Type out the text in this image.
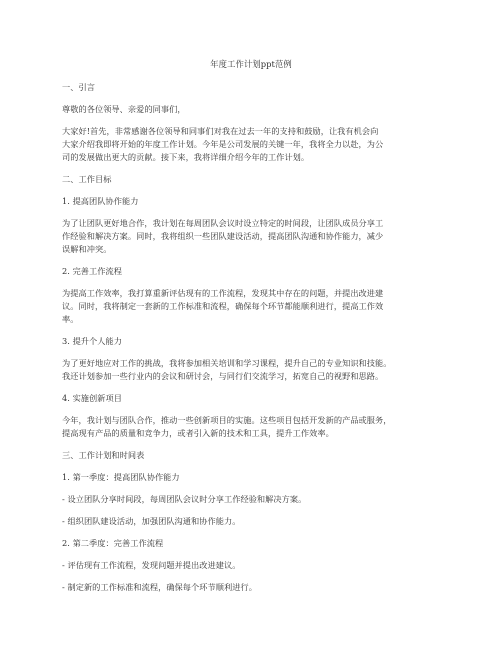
年度工作计划ppt范例
一、引言
尊敬的各位领导、亲爱的同事们，
大家好!首先，非常感谢各位领导和同事们对我在过去一年的支持和鼓励，让我有机会向
大家介绍我即将开始的年度工作计划。今年是公司发展的关键一年，我将全力以赴，为公
司的发展做出更大的贡献。接下来，我将详细介绍今年的工作计划。
二、工作目标
1. 提高团队协作能力
为了让团队更好地合作，我计划在每周团队会议时设立特定的时间段，让团队成员分享工
作经验和解决方案。同时，我将组织一些团队建设活动，提高团队沟通和协作能力，减少
误解和冲突。
2. 完善工作流程
为提高工作效率，我打算重新评估现有的工作流程，发现其中存在的问题，并提出改进建
议。同时，我将制定一套新的工作标准和流程，确保每个环节都能顺利进行，提高工作效
率。
3. 提升个人能力
为了更好地应对工作的挑战，我将参加相关培训和学习课程，提升自己的专业知识和技能。
我还计划参加一些行业内的会议和研讨会，与同行们交流学习，拓宽自己的视野和思路。
4. 实施创新项目
今年，我计划与团队合作，推动一些创新项目的实施。这些项目包括开发新的产品或服务，
提高现有产品的质量和竞争力，或者引入新的技术和工具，提升工作效率。
三、工作计划和时间表
1. 第一季度：提高团队协作能力
- 设立团队分享时间段，每周团队会议时分享工作经验和解决方案。
- 组织团队建设活动，加强团队沟通和协作能力。
2. 第二季度：完善工作流程
- 评估现有工作流程，发现问题并提出改进建议。
- 制定新的工作标准和流程，确保每个环节顺利进行。
